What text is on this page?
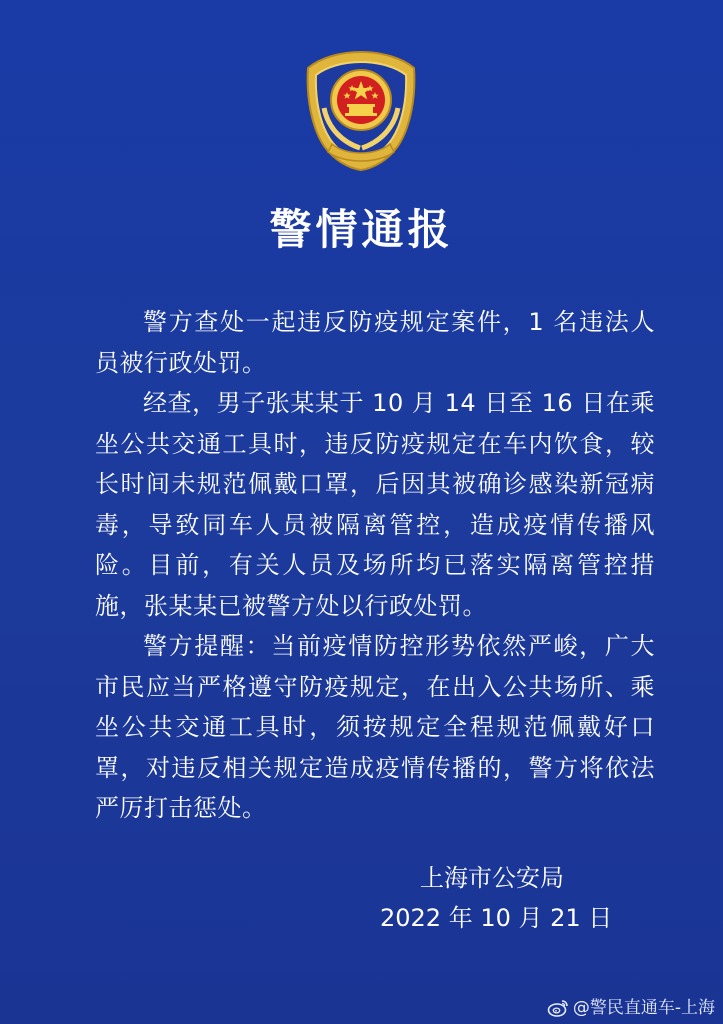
警情通报

警方查处一起违反防疫规定案件，1 名违法人员被行政处罚。

经查，男子张某某于 10 月 14 日至 16 日在乘坐公共交通工具时，违反防疫规定在车内饮食，较长时间未规范佩戴口罩，后因其被确诊感染新冠病毒，导致同车人员被隔离管控，造成疫情传播风险。目前，有关人员及场所均已落实隔离管控措施，张某某已被警方处以行政处罚。

警方提醒：当前疫情防控形势依然严峻，广大市民应当严格遵守防疫规定，在出入公共场所、乘坐公共交通工具时，须按规定全程规范佩戴好口罩，对违反相关规定造成疫情传播的，警方将依法严厉打击惩处。

上海市公安局
2022 年 10 月 21 日
@警民直通车-上海
